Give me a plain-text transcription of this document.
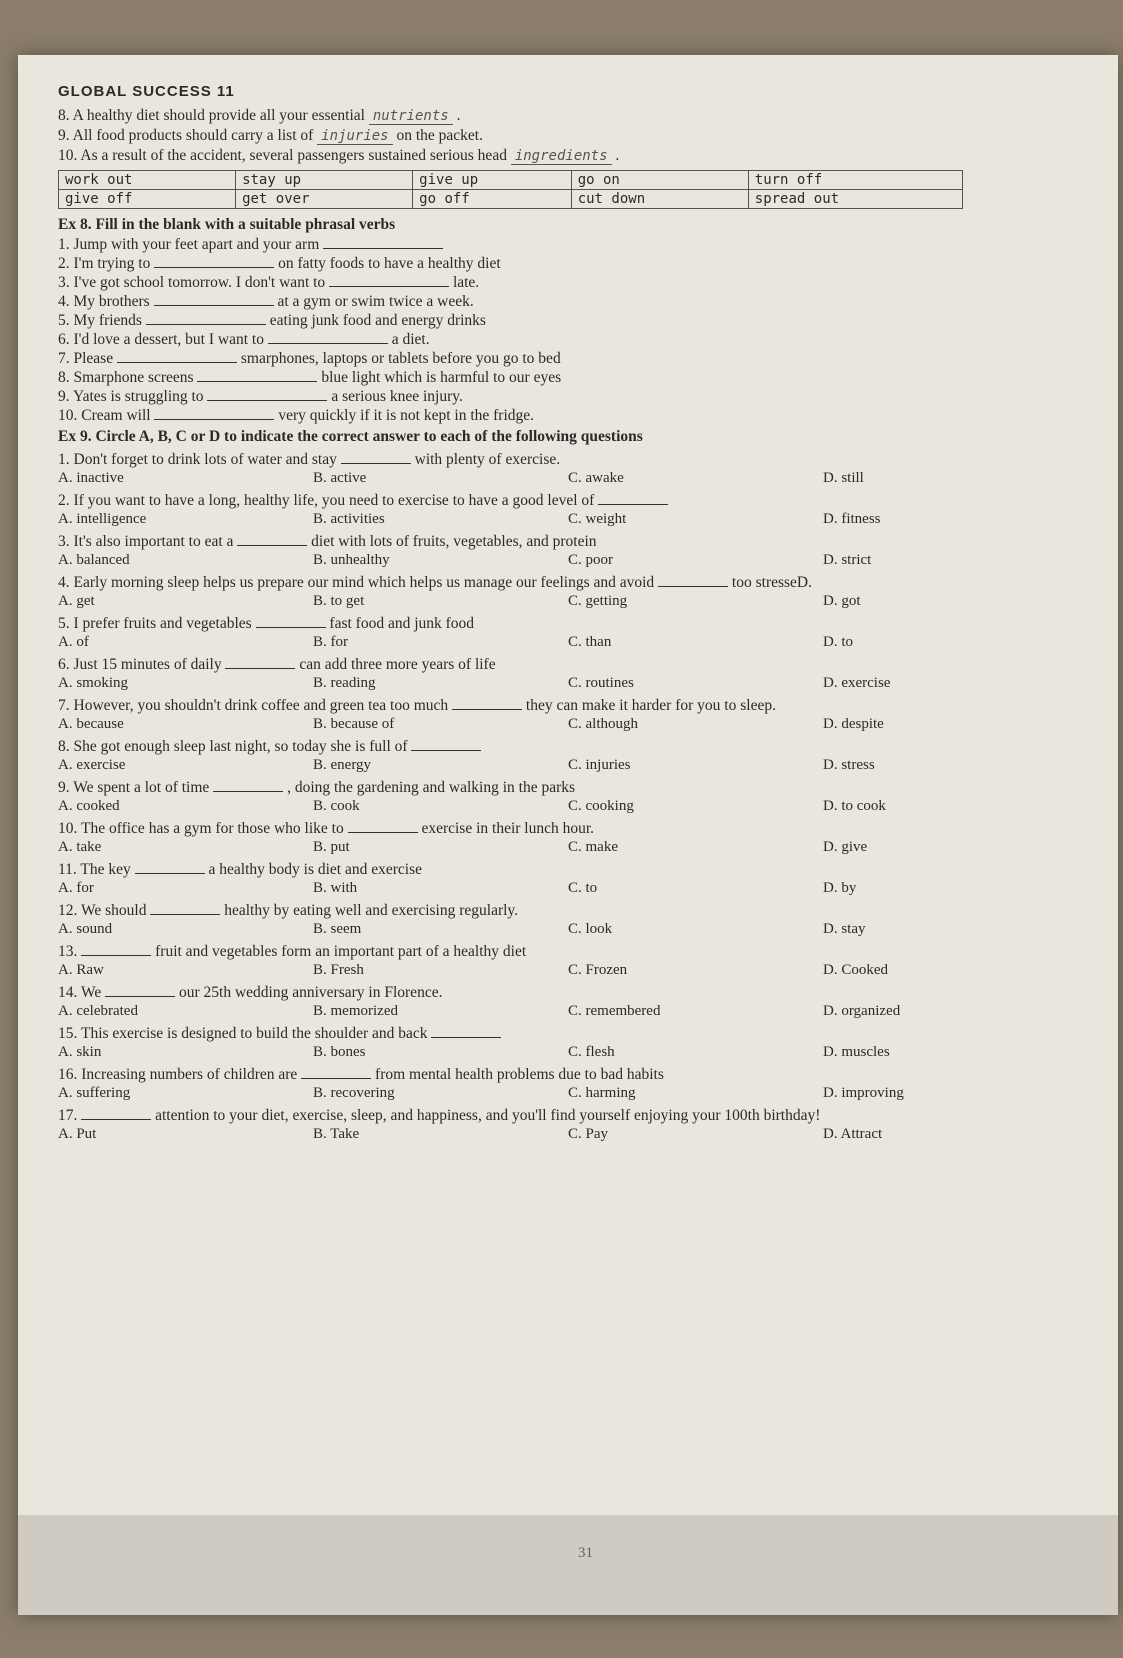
GLOBAL SUCCESS 11
8. A healthy diet should provide all your essential nutrients .
9. All food products should carry a list of injuries on the packet.
10. As a result of the accident, several passengers sustained serious head ingredients .
work out	stay up	give up	go on	turn off
give off	get over	go off	cut down	spread out
Ex 8. Fill in the blank with a suitable phrasal verbs
1. Jump with your feet apart and your arm
2. I'm trying to	on fatty foods to have a healthy diet
3. I've got school tomorrow. I don't want to	late.
4. My brothers	at a gym or swim twice a week.
5. My friends	eating junk food and energy drinks
6. I'd love a dessert, but I want to	a diet.
7. Please	smarphones, laptops or tablets before you go to bed
8. Smarphone screens	blue light which is harmful to our eyes
9. Yates is struggling to	a serious knee injury.
10. Cream will	very quickly if it is not kept in the fridge.
Ex 9. Circle A, B, C or D to indicate the correct answer to each of the following questions
1. Don't forget to drink lots of water and stay	with plenty of exercise.
A. inactive	B. active	C. awake	D. still
2. If you want to have a long, healthy life, you need to exercise to have a good level of
A. intelligence	B. activities	C. weight	D. fitness
3. It's also important to eat a	diet with lots of fruits, vegetables, and protein
A. balanced	B. unhealthy	C. poor	D. strict
4. Early morning sleep helps us prepare our mind which helps us manage our feelings and avoid	too stresseD.
A. get	B. to get	C. getting	D. got
5. I prefer fruits and vegetables	fast food and junk food
A. of	B. for	C. than	D. to
6. Just 15 minutes of daily	can add three more years of life
A. smoking	B. reading	C. routines	D. exercise
7. However, you shouldn't drink coffee and green tea too much	they can make it harder for you to sleep.
A. because	B. because of	C. although	D. despite
8. She got enough sleep last night, so today she is full of
A. exercise	B. energy	C. injuries	D. stress
9. We spent a lot of time	, doing the gardening and walking in the parks
A. cooked	B. cook	C. cooking	D. to cook
10. The office has a gym for those who like to	exercise in their lunch hour.
A. take	B. put	C. make	D. give
11. The key	a healthy body is diet and exercise
A. for	B. with	C. to	D. by
12. We should	healthy by eating well and exercising regularly.
A. sound	B. seem	C. look	D. stay
13.	fruit and vegetables form an important part of a healthy diet
A. Raw	B. Fresh	C. Frozen	D. Cooked
14. We	our 25th wedding anniversary in Florence.
A. celebrated	B. memorized	C. remembered	D. organized
15. This exercise is designed to build the shoulder and back
A. skin	B. bones	C. flesh	D. muscles
16. Increasing numbers of children are	from mental health problems due to bad habits
A. suffering	B. recovering	C. harming	D. improving
17.	attention to your diet, exercise, sleep, and happiness, and you'll find yourself enjoying your 100th birthday!
A. Put	B. Take	C. Pay	D. Attract
31
